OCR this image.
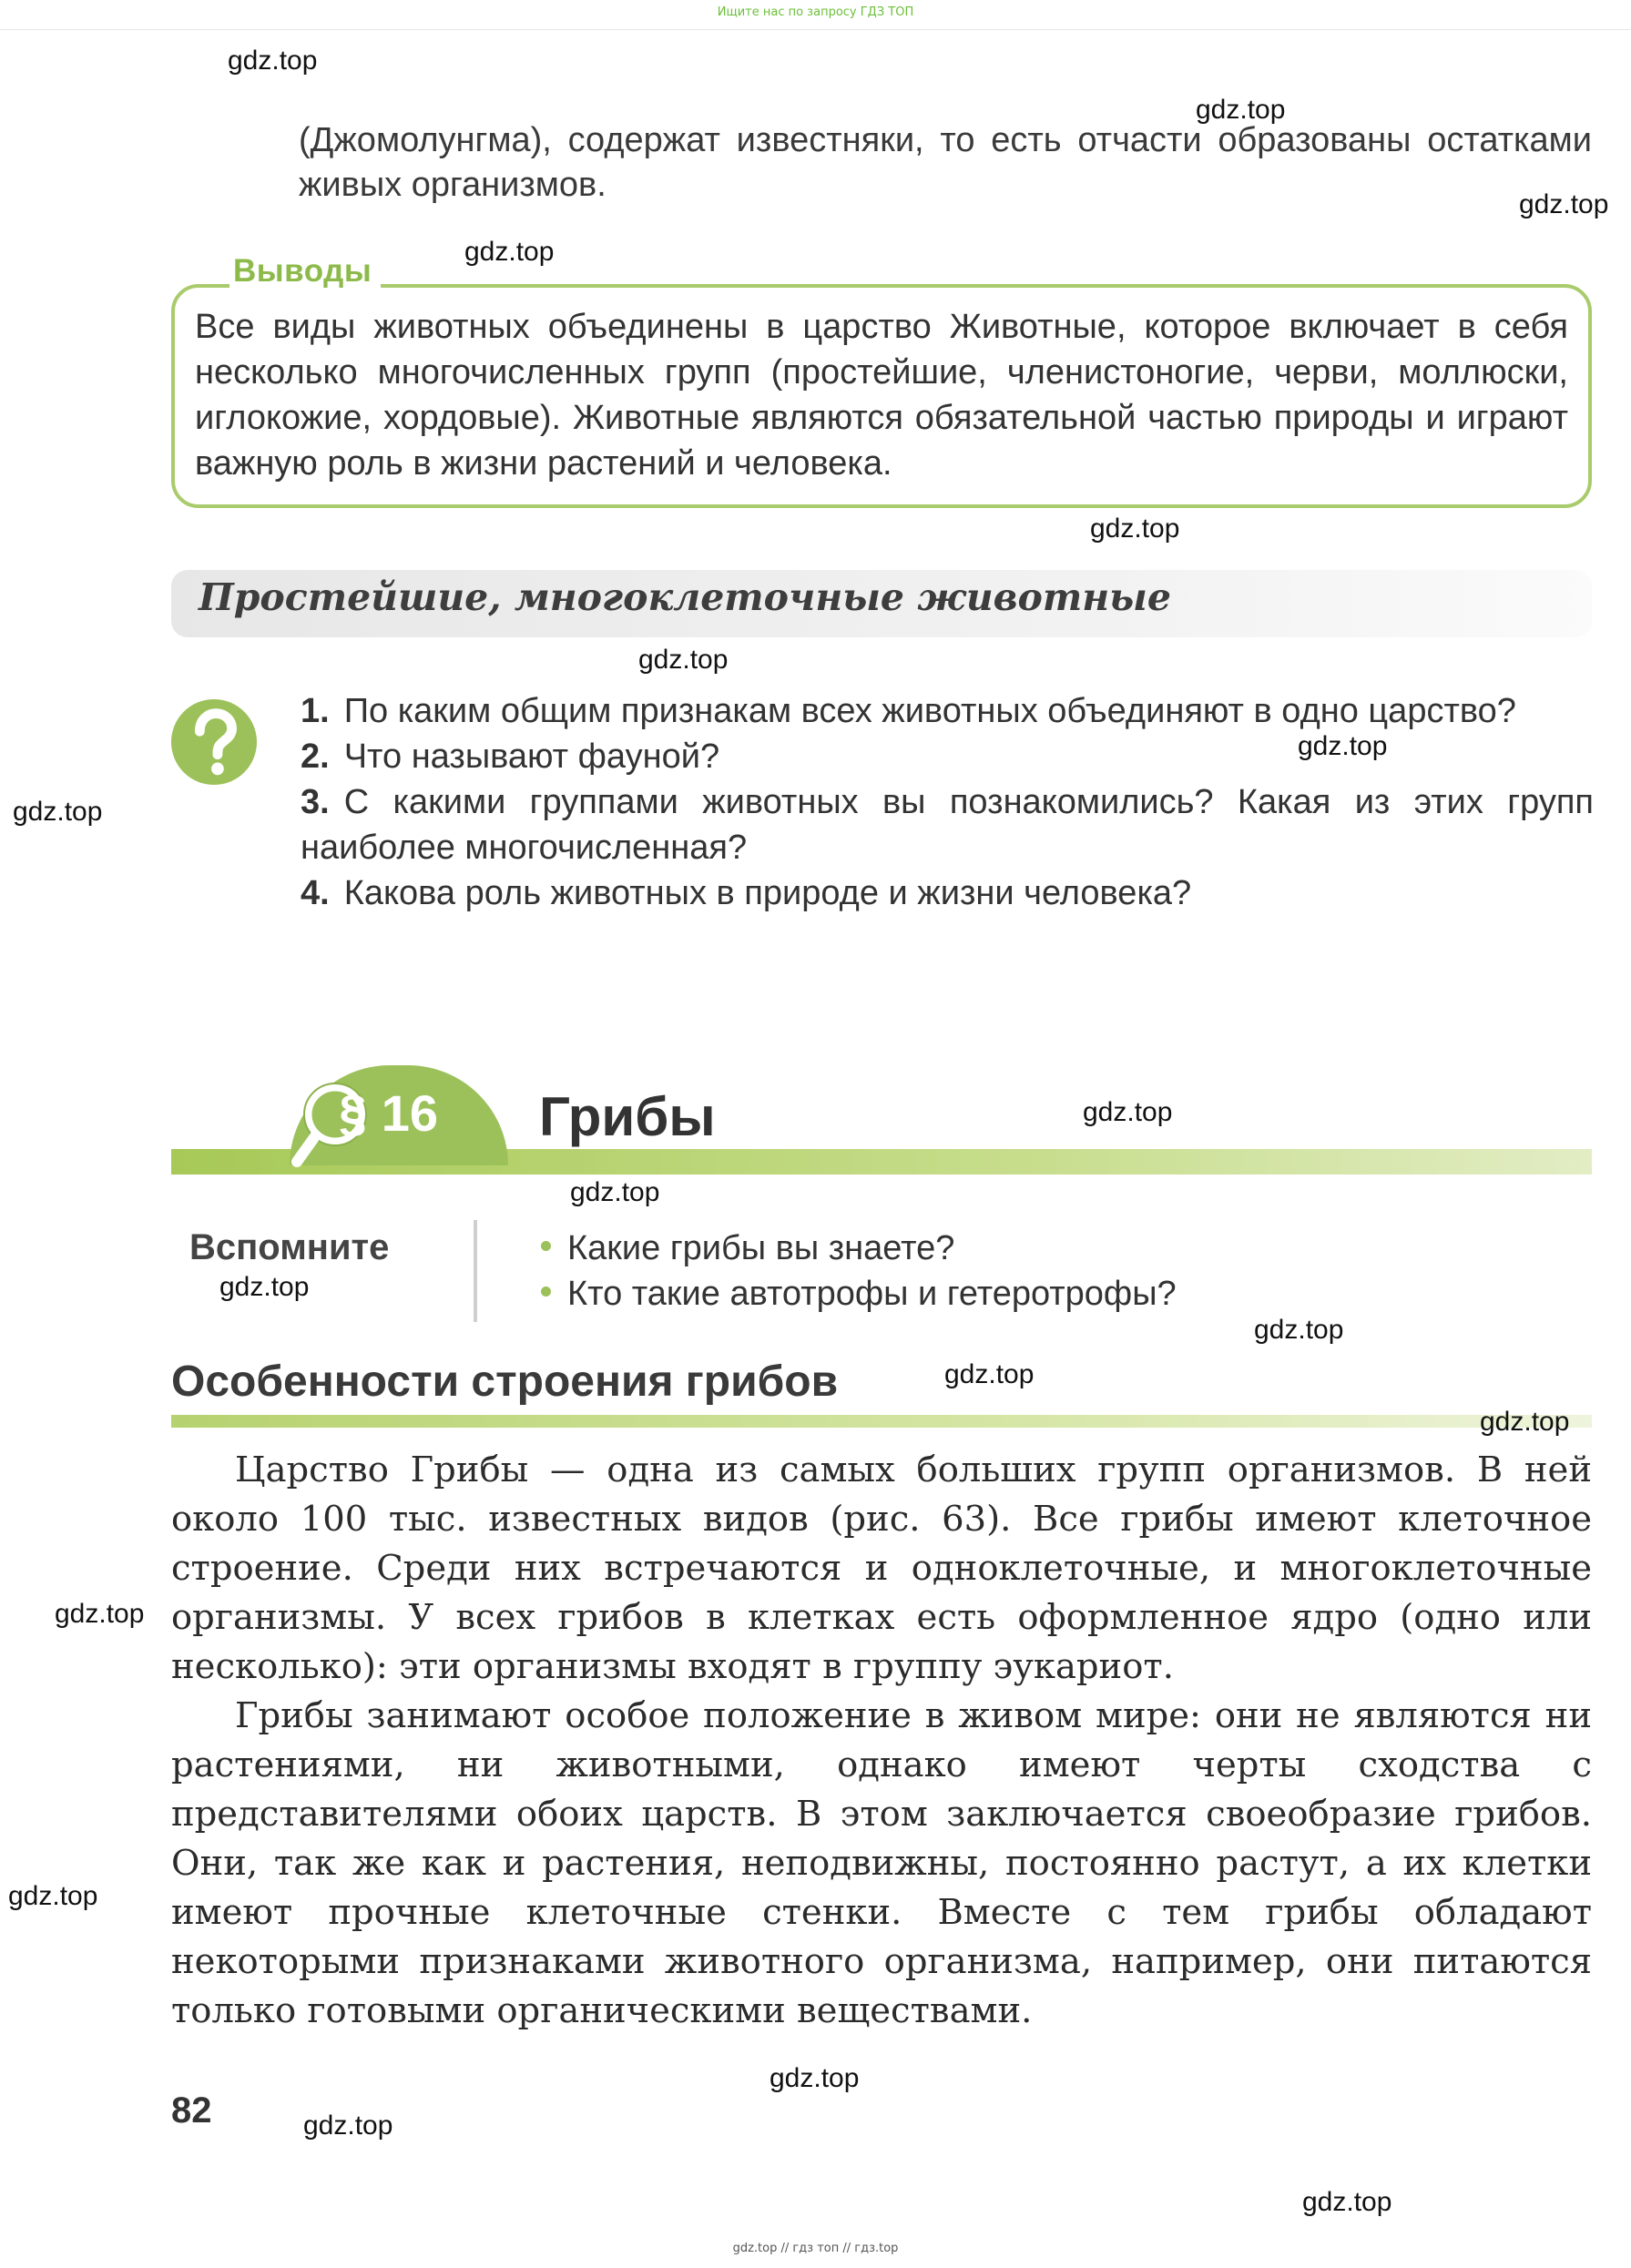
Ищите нас по запросу ГДЗ ТОП
(Джомолунгма), содержат известняки, то есть отчасти образованы остатками живых организмов.
Выводы
Все виды животных объединены в царство Животные, которое включает в себя несколько многочисленных групп (простейшие, членистоногие, черви, моллюски, иглокожие, хордовые). Животные являются обязательной частью природы и играют важную роль в жизни растений и человека.
Простейшие, многоклеточные животные
1. По каким общим признакам всех животных объединяют в одно царство?
2. Что называют фауной?
3. С какими группами животных вы познакомились? Какая из этих групп наиболее многочисленная?
4. Какова роль животных в природе и жизни человека?
§ 16 Грибы
Вспомните	Какие грибы вы знаете?
Кто такие автотрофы и гетеротрофы?
Особенности строения грибов
Царство Грибы — одна из самых больших групп организмов. В ней около 100 тыс. известных видов (рис. 63). Все грибы имеют клеточное строение. Среди них встречаются и одноклеточные, и многоклеточные организмы. У всех грибов в клетках есть оформленное ядро (одно или несколько): эти организмы входят в группу эукариот.
Грибы занимают особое положение в живом мире: они не являются ни растениями, ни животными, однако имеют черты сходства с представителями обоих царств. В этом заключается своеобразие грибов. Они, так же как и растения, неподвижны, постоянно растут, а их клетки имеют прочные клеточные стенки. Вместе с тем грибы обладают некоторыми признаками животного организма, например, они питаются только готовыми органическими веществами.
82
gdz.top
gdz.top
gdz.top
gdz.top
gdz.top
gdz.top
gdz.top
gdz.top
gdz.top
gdz.top
gdz.top
gdz.top
gdz.top
gdz.top
gdz.top
gdz.top
gdz.top
gdz.top
gdz.top
gdz.top // гдз топ // гдз.top
